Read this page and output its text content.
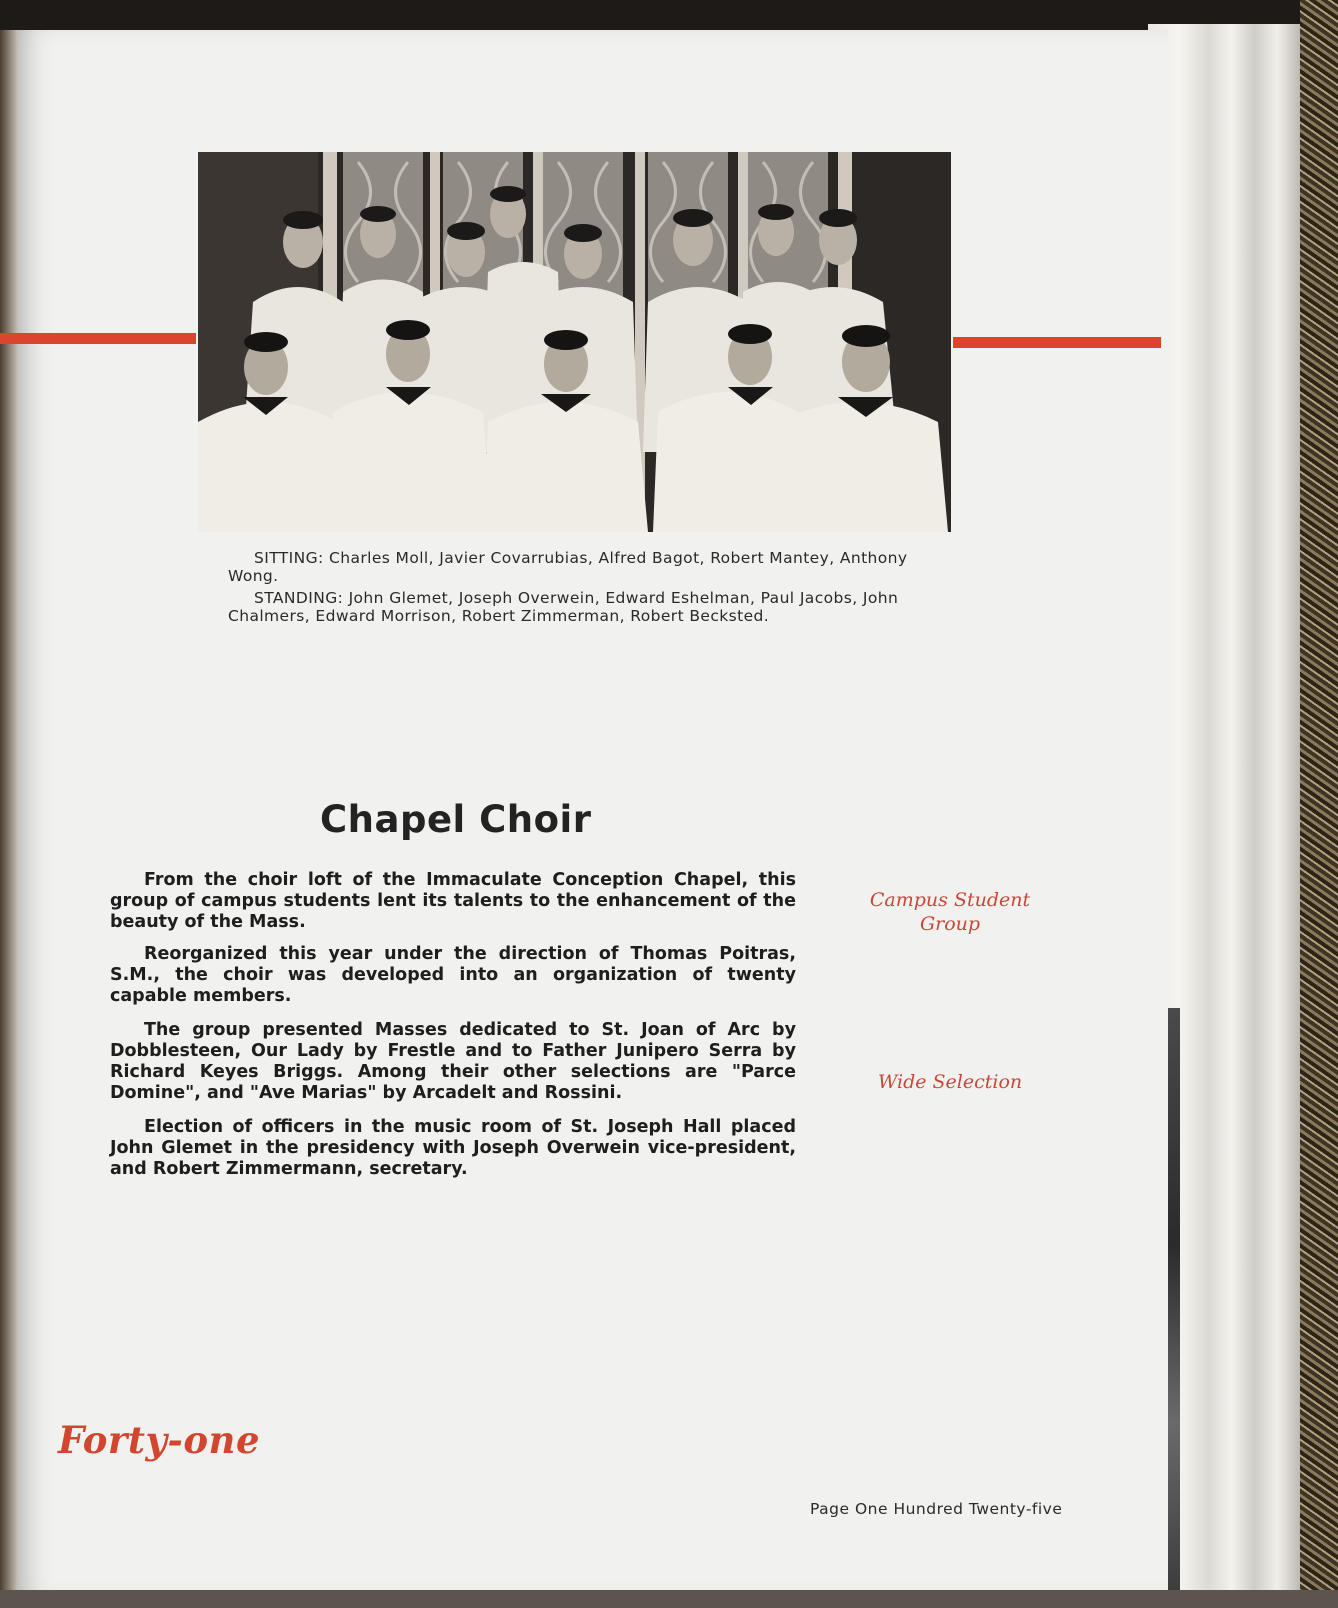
SITTING: Charles Moll, Javier Covarrubias, Alfred Bagot, Robert Mantey, Anthony Wong.

STANDING: John Glemet, Joseph Overwein, Edward Eshelman, Paul Jacobs, John Chalmers, Edward Morrison, Robert Zimmerman, Robert Becksted.

Chapel Choir

From the choir loft of the Immaculate Conception Chapel, this group of campus students lent its talents to the enhancement of the beauty of the Mass.

Reorganized this year under the direction of Thomas Poitras, S.M., the choir was developed into an organization of twenty capable members.

The group presented Masses dedicated to St. Joan of Arc by Dobblesteen, Our Lady by Frestle and to Father Junipero Serra by Richard Keyes Briggs. Among their other selections are "Parce Domine", and "Ave Marias" by Arcadelt and Rossini.

Election of officers in the music room of St. Joseph Hall placed John Glemet in the presidency with Joseph Overwein vice-president, and Robert Zimmermann, secretary.

Campus Student Group
Wide Selection
Forty-one
Page One Hundred Twenty-five
